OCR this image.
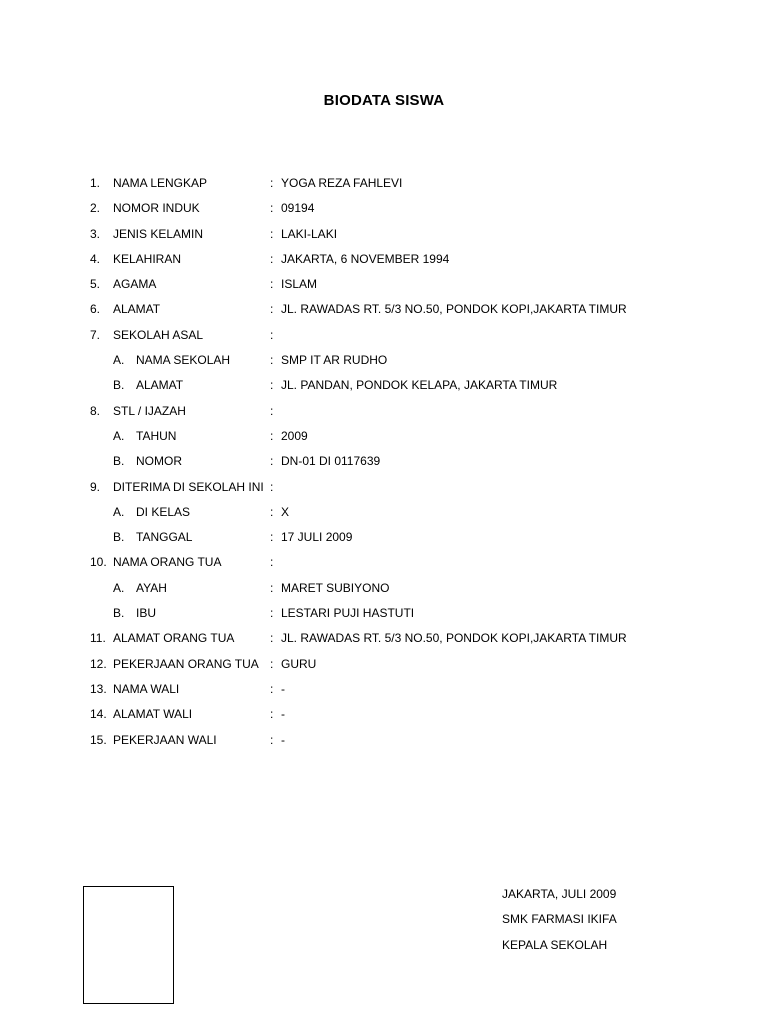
BIODATA SISWA
1.	NAMA LENGKAP	: YOGA REZA FAHLEVI
2.	NOMOR INDUK	: 09194
3.	JENIS KELAMIN	: LAKI-LAKI
4.	KELAHIRAN	: JAKARTA, 6 NOVEMBER 1994
5.	AGAMA	: ISLAM
6.	ALAMAT	: JL. RAWADAS RT. 5/3 NO.50, PONDOK KOPI,JAKARTA TIMUR
7.	SEKOLAH ASAL	:
A. NAMA SEKOLAH	: SMP IT AR RUDHO
B. ALAMAT	: JL. PANDAN, PONDOK KELAPA, JAKARTA TIMUR
8.	STL / IJAZAH	:
A. TAHUN	: 2009
B. NOMOR	: DN-01 DI 0117639
9.	DITERIMA DI SEKOLAH INI :
A. DI KELAS	: X
B. TANGGAL	: 17 JULI 2009
10. NAMA ORANG TUA	:
A. AYAH	: MARET SUBIYONO
B. IBU	: LESTARI PUJI HASTUTI
11. ALAMAT ORANG TUA	: JL. RAWADAS RT. 5/3 NO.50, PONDOK KOPI,JAKARTA TIMUR
12. PEKERJAAN ORANG TUA : GURU
13. NAMA WALI	: -
14. ALAMAT WALI	: -
15. PEKERJAAN WALI	: -
JAKARTA, JULI 2009
SMK FARMASI IKIFA
KEPALA SEKOLAH
